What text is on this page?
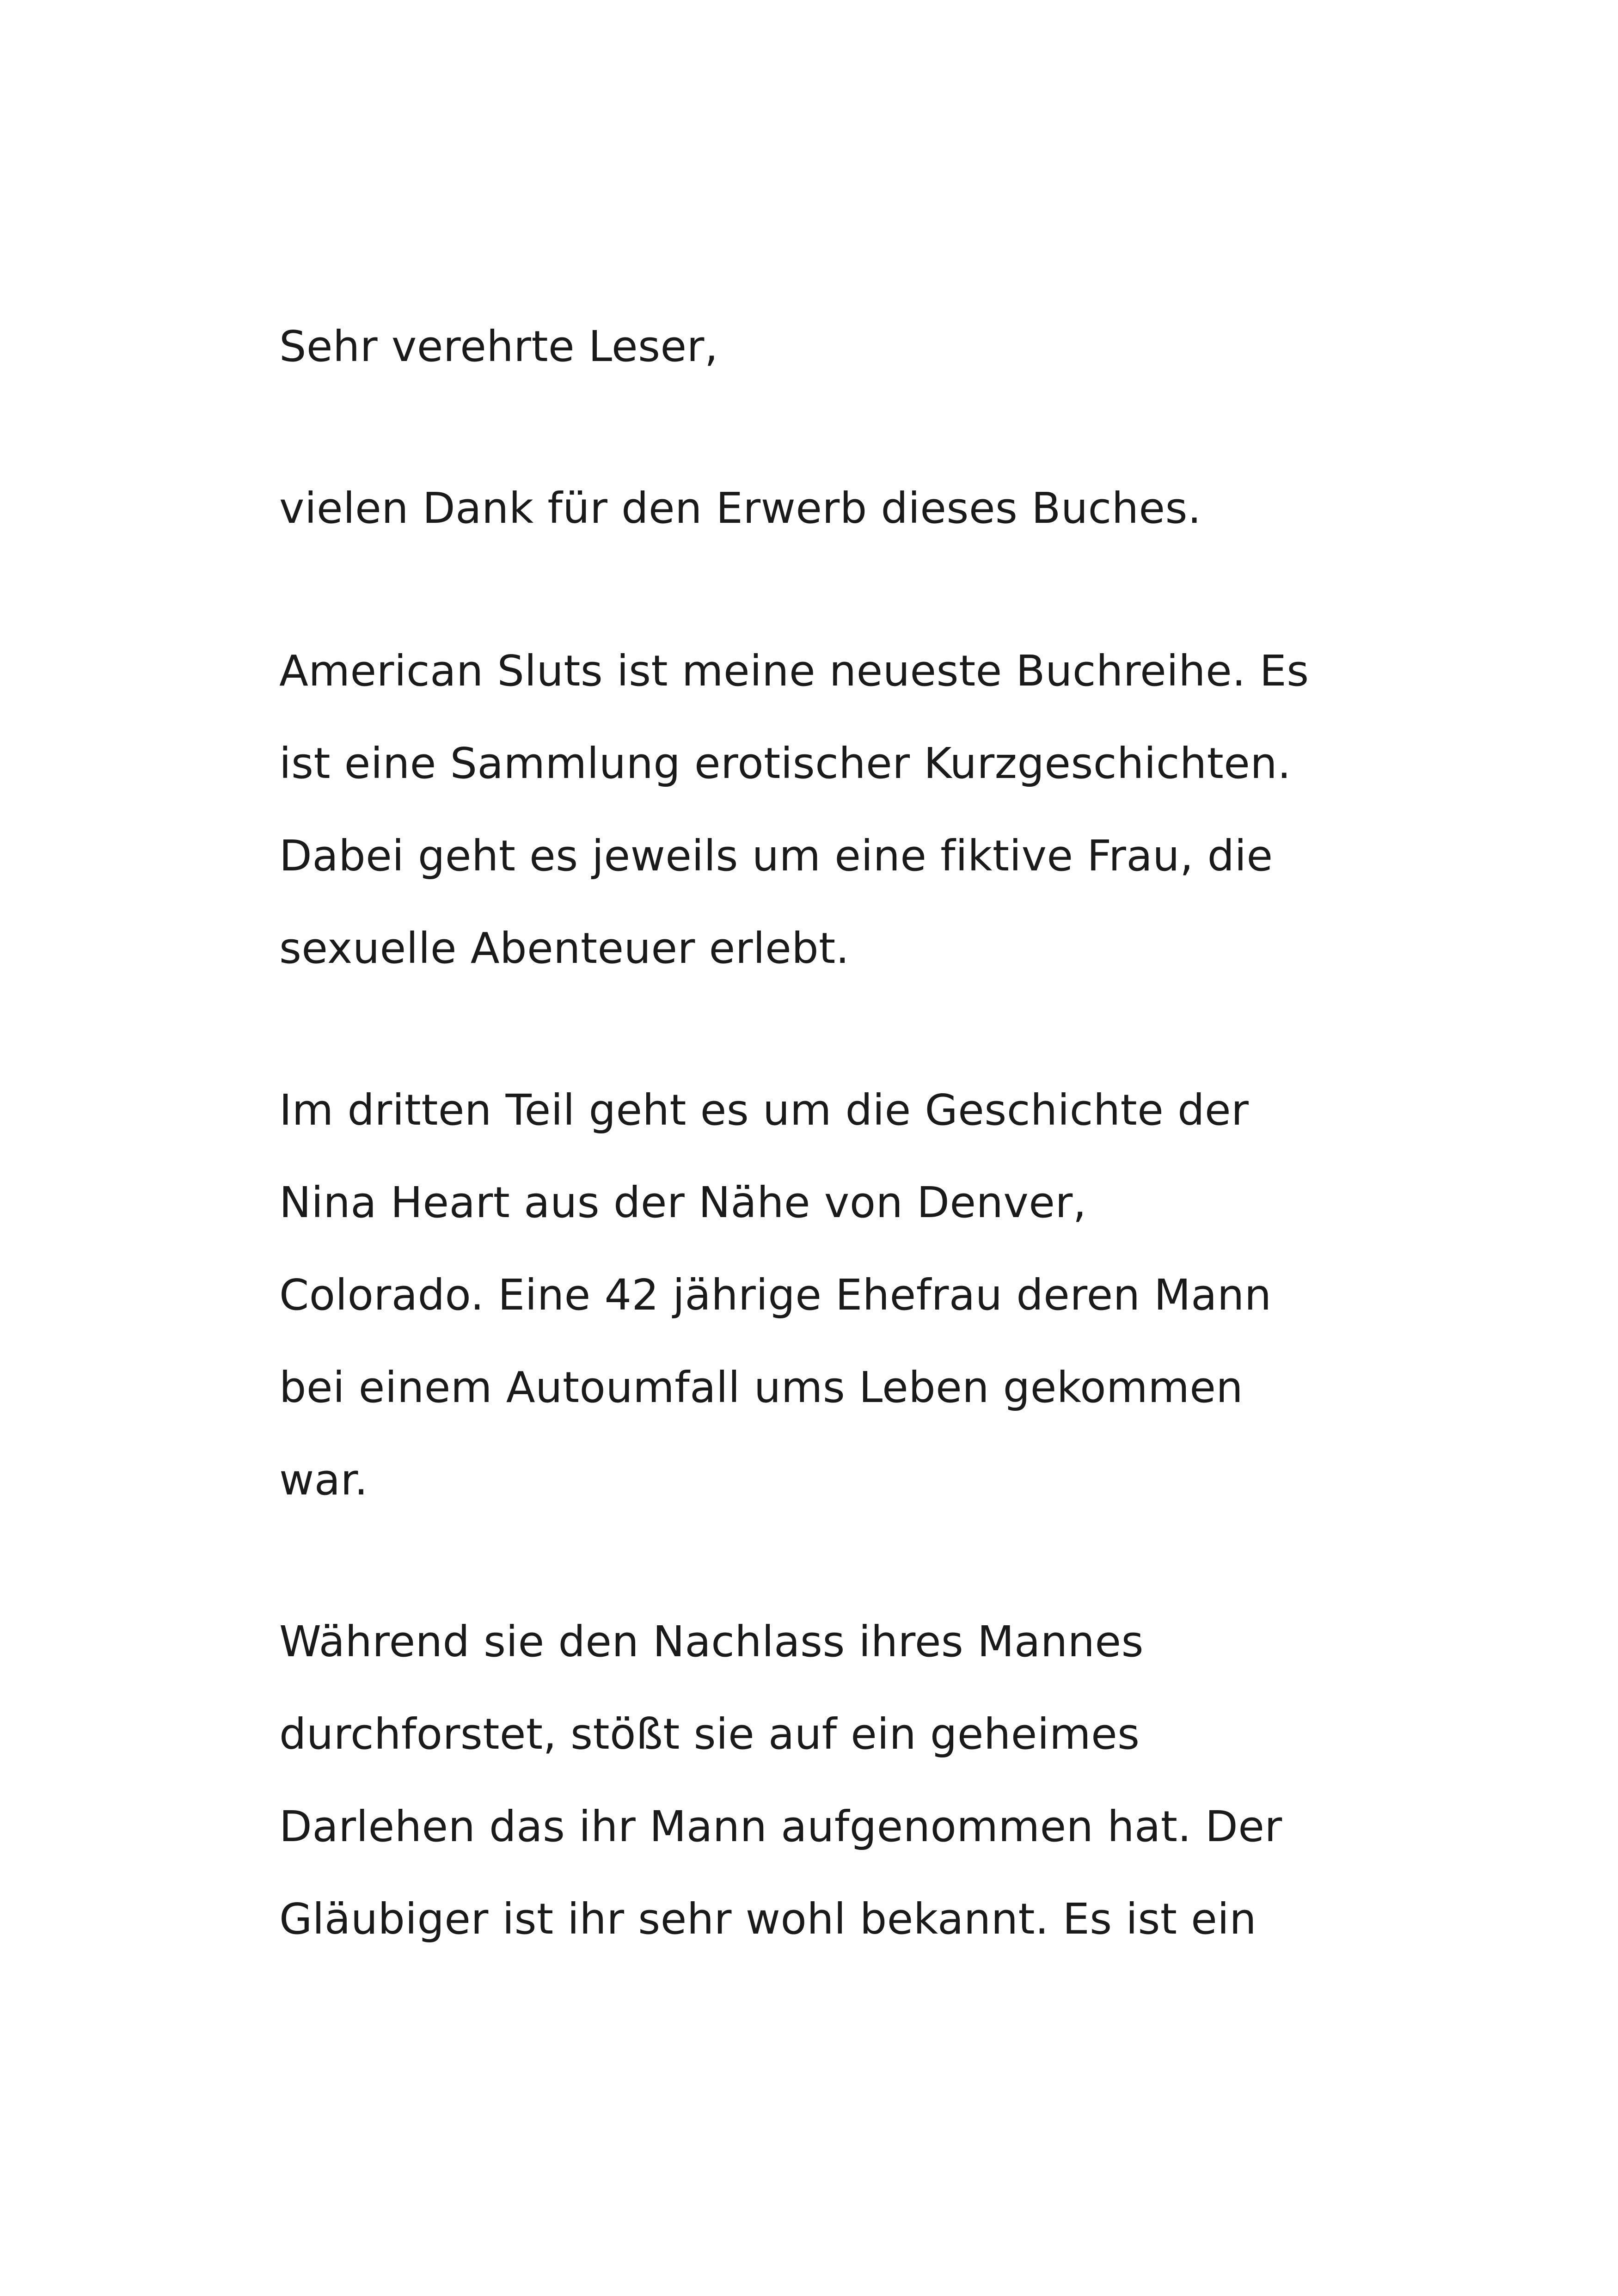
Sehr verehrte Leser,
vielen Dank für den Erwerb dieses Buches.
American Sluts ist meine neueste Buchreihe. Es
ist eine Sammlung erotischer Kurzgeschichten.
Dabei geht es jeweils um eine fiktive Frau, die
sexuelle Abenteuer erlebt.
Im dritten Teil geht es um die Geschichte der
Nina Heart aus der Nähe von Denver,
Colorado. Eine 42 jährige Ehefrau deren Mann
bei einem Autoumfall ums Leben gekommen
war.
Während sie den Nachlass ihres Mannes
durchforstet, stößt sie auf ein geheimes
Darlehen das ihr Mann aufgenommen hat. Der
Gläubiger ist ihr sehr wohl bekannt. Es ist ein
